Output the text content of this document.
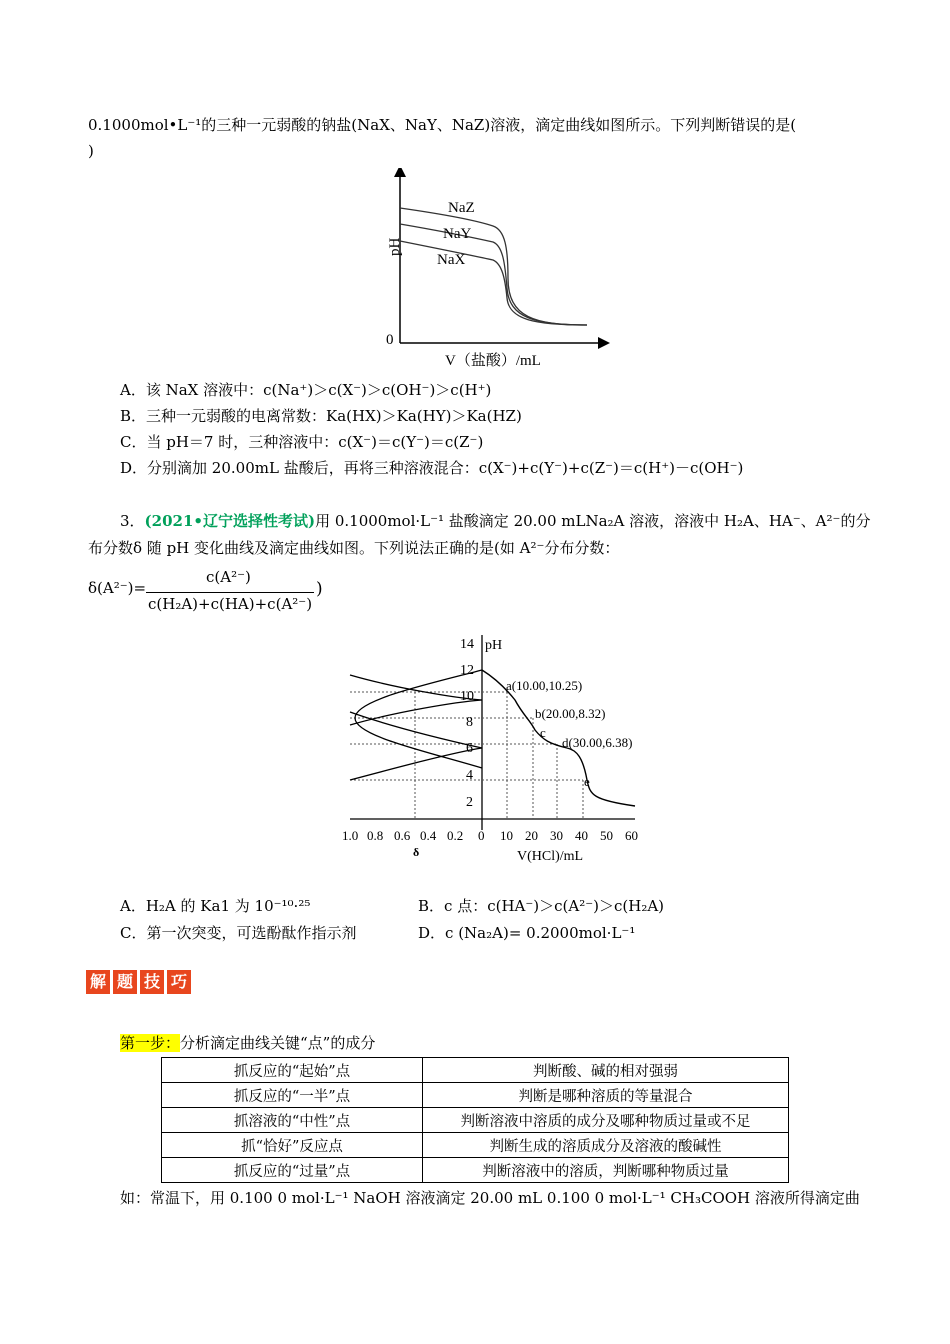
0.1000mol•L⁻¹的三种一元弱酸的钠盐(NaX、NaY、NaZ)溶液，滴定曲线如图所示。下列判断错误的是(
)
pH
0
NaZ
NaY
NaX
V（盐酸）/mL
A．该 NaX 溶液中：c(Na⁺)＞c(X⁻)＞c(OH⁻)＞c(H⁺)
B．三种一元弱酸的电离常数：Ka(HX)＞Ka(HY)＞Ka(HZ)
C．当 pH＝7 时，三种溶液中：c(X⁻)＝c(Y⁻)＝c(Z⁻)
D．分别滴加 20.00mL 盐酸后，再将三种溶液混合：c(X⁻)+c(Y⁻)+c(Z⁻)＝c(H⁺)－c(OH⁻)
3．(2021•辽宁选择性考试)用 0.1000mol·L⁻¹ 盐酸滴定 20.00 mLNa₂A 溶液，溶液中 H₂A、HA⁻、A²⁻的分
布分数δ 随 pH 变化曲线及滴定曲线如图。下列说法正确的是(如 A²⁻分布分数：
δ(A²⁻)=
c(A²⁻)
c(H₂A)+c(HA)+c(A²⁻)
)
14
12
10
8
6
4
2
pH
1.0 0.8 0.6 0.4 0.2 0 10 20 30 40 50 60
δ	V(HCl)/mL
a(10.00,10.25)
b(20.00,8.32)
c
d(30.00,6.38)
e
A．H₂A 的 Ka1 为 10⁻¹⁰·²⁵	B．c 点：c(HA⁻)＞c(A²⁻)＞c(H₂A)
C．第一次突变，可选酚酞作指示剂	D．c (Na₂A)= 0.2000mol·L⁻¹
解 题 技 巧
第一步：分析滴定曲线关键“点”的成分
抓反应的“起始”点	判断酸、碱的相对强弱
抓反应的“一半”点	判断是哪种溶质的等量混合
抓溶液的“中性”点	判断溶液中溶质的成分及哪种物质过量或不足
抓“恰好”反应点	判断生成的溶质成分及溶液的酸碱性
抓反应的“过量”点	判断溶液中的溶质，判断哪种物质过量
如：常温下，用 0.100 0 mol·L⁻¹ NaOH 溶液滴定 20.00 mL 0.100 0 mol·L⁻¹ CH₃COOH 溶液所得滴定曲
